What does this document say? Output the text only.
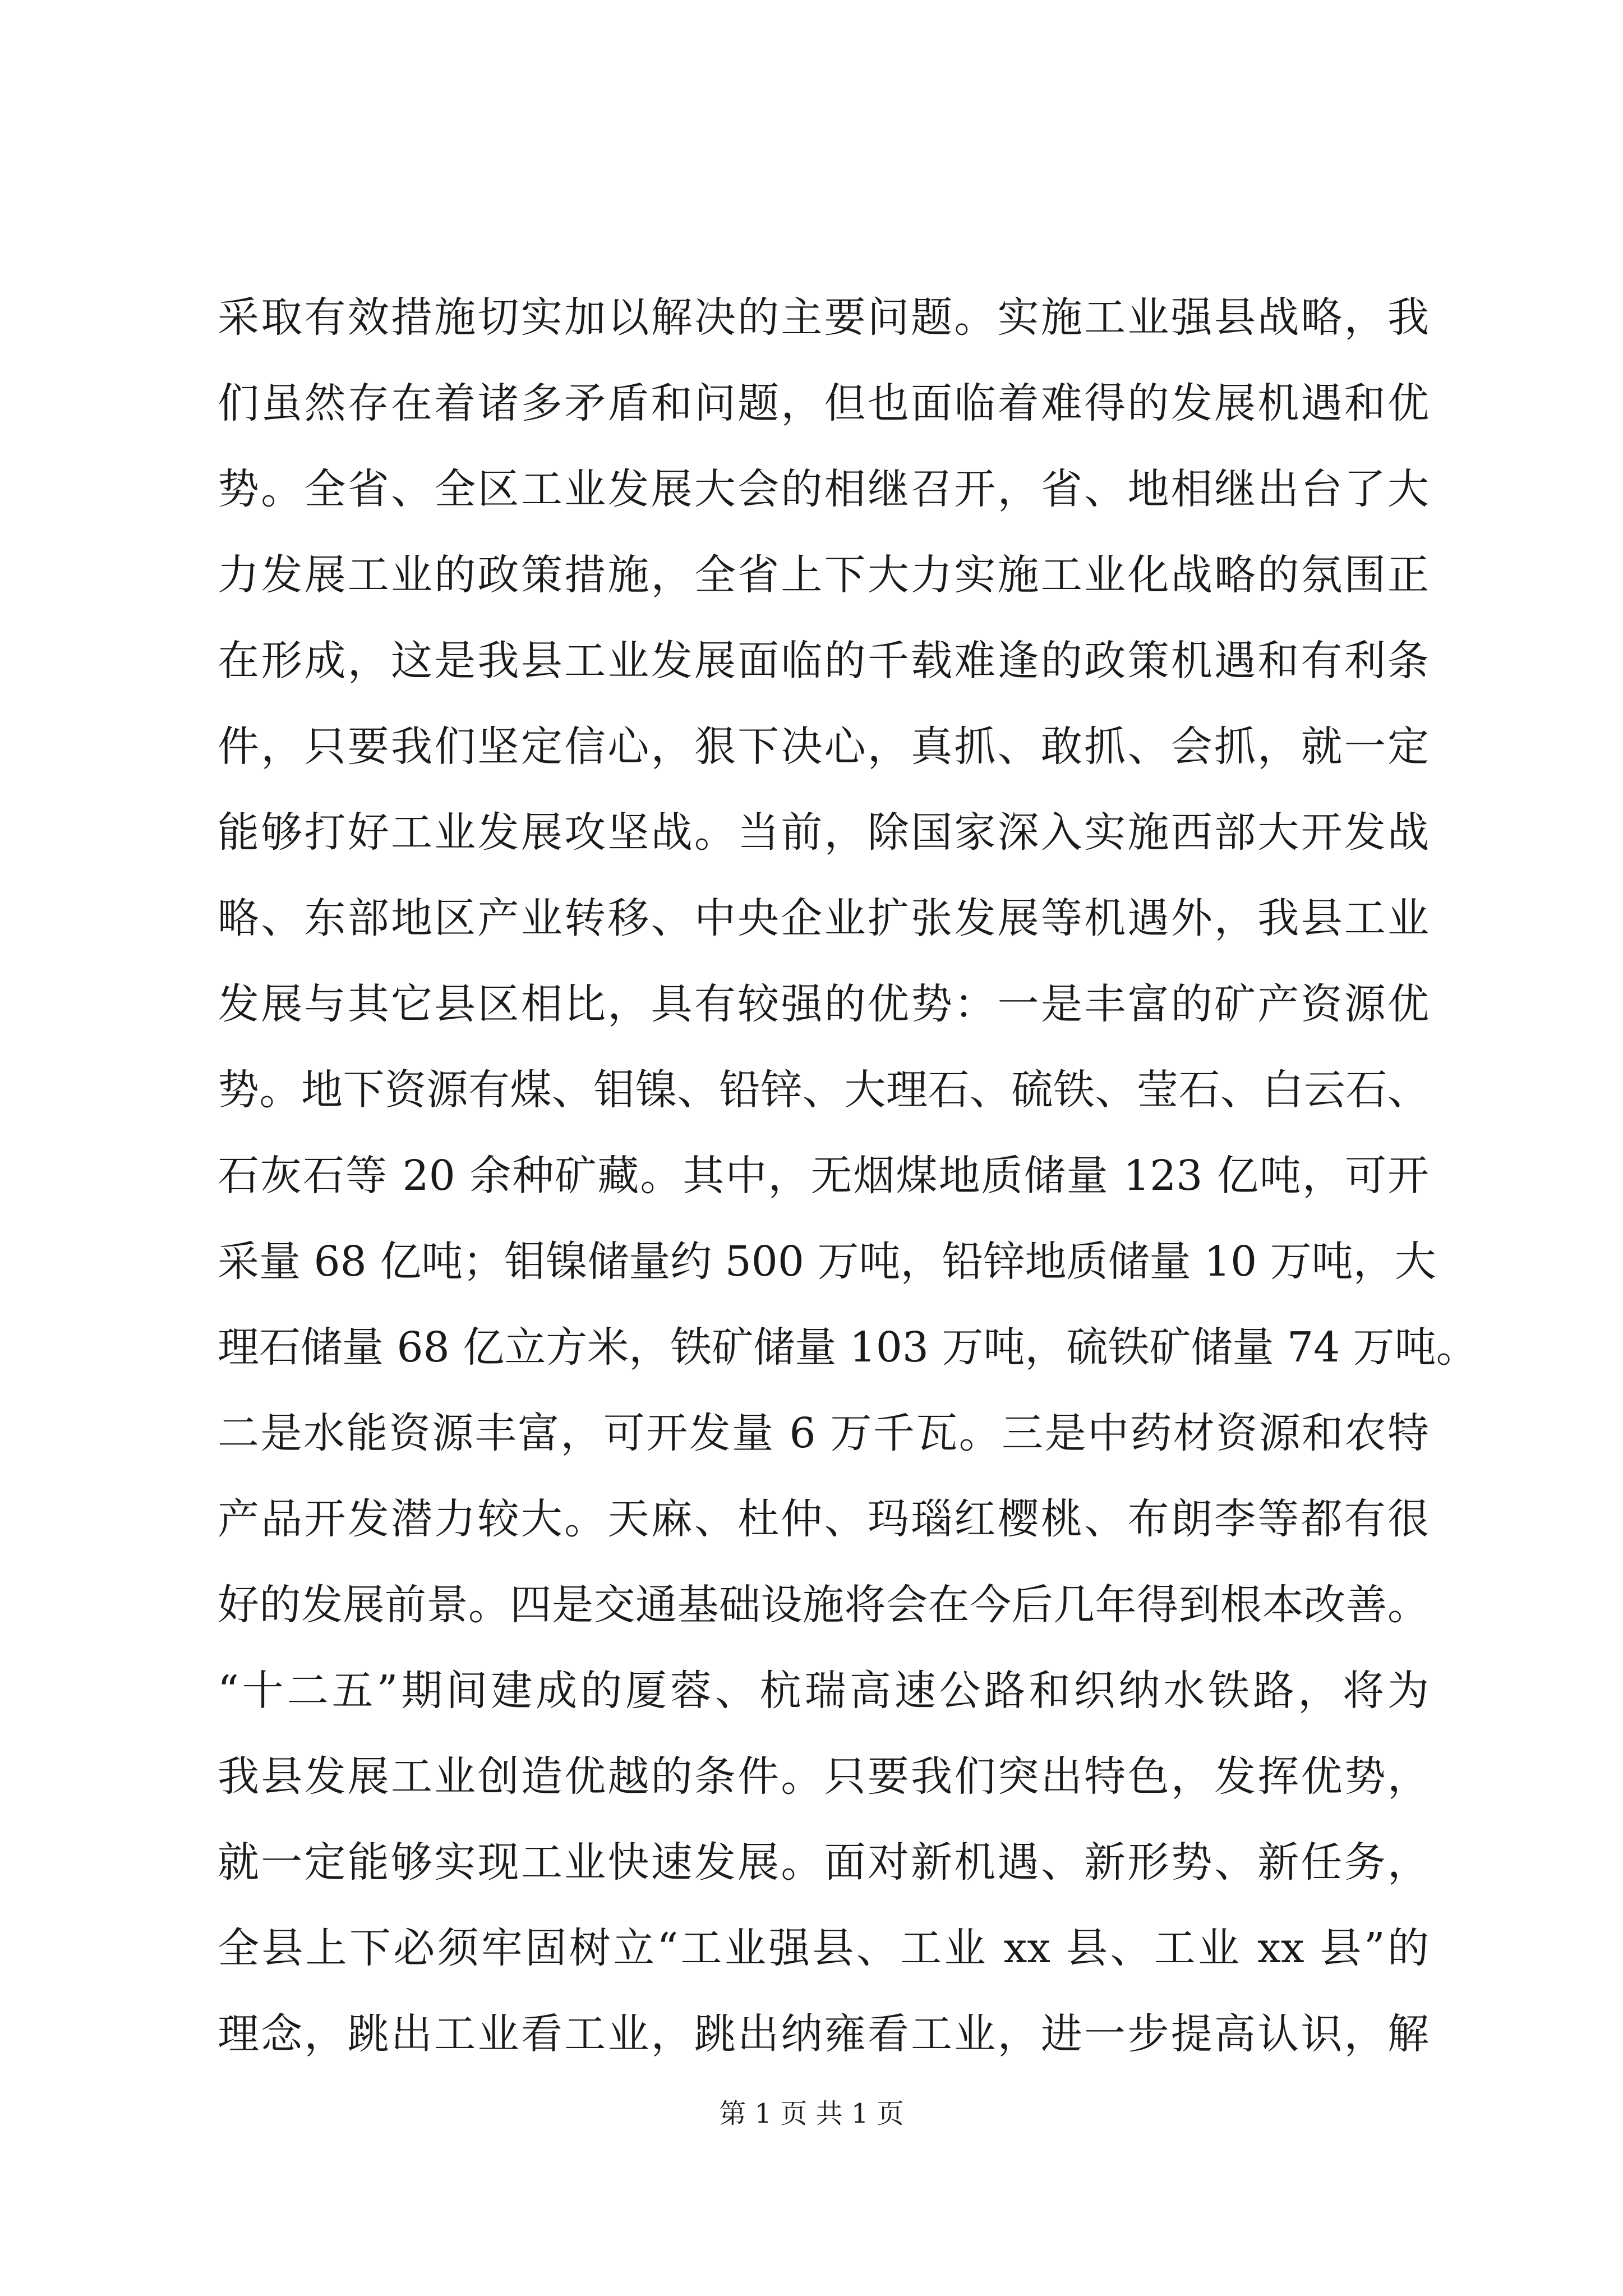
采取有效措施切实加以解决的主要问题。实施工业强县战略，我
们虽然存在着诸多矛盾和问题，但也面临着难得的发展机遇和优
势。全省、全区工业发展大会的相继召开，省、地相继出台了大
力发展工业的政策措施，全省上下大力实施工业化战略的氛围正
在形成，这是我县工业发展面临的千载难逢的政策机遇和有利条
件，只要我们坚定信心，狠下决心，真抓、敢抓、会抓，就一定
能够打好工业发展攻坚战。当前，除国家深入实施西部大开发战
略、东部地区产业转移、中央企业扩张发展等机遇外，我县工业
发展与其它县区相比，具有较强的优势：一是丰富的矿产资源优
势。地下资源有煤、钼镍、铅锌、大理石、硫铁、莹石、白云石、
石灰石等 20 余种矿藏。其中，无烟煤地质储量 123 亿吨，可开
采量 68 亿吨；钼镍储量约 500 万吨，铅锌地质储量 10 万吨，大
理石储量 68 亿立方米，铁矿储量 103 万吨，硫铁矿储量 74 万吨。
二是水能资源丰富，可开发量 6 万千瓦。三是中药材资源和农特
产品开发潜力较大。天麻、杜仲、玛瑙红樱桃、布朗李等都有很
好的发展前景。四是交通基础设施将会在今后几年得到根本改善。
“十二五”期间建成的厦蓉、杭瑞高速公路和织纳水铁路，将为
我县发展工业创造优越的条件。只要我们突出特色，发挥优势，
就一定能够实现工业快速发展。面对新机遇、新形势、新任务，
全县上下必须牢固树立“工业强县、工业 xx 县、工业 xx 县”的
理念，跳出工业看工业，跳出纳雍看工业，进一步提高认识，解
第 1 页 共 1 页
